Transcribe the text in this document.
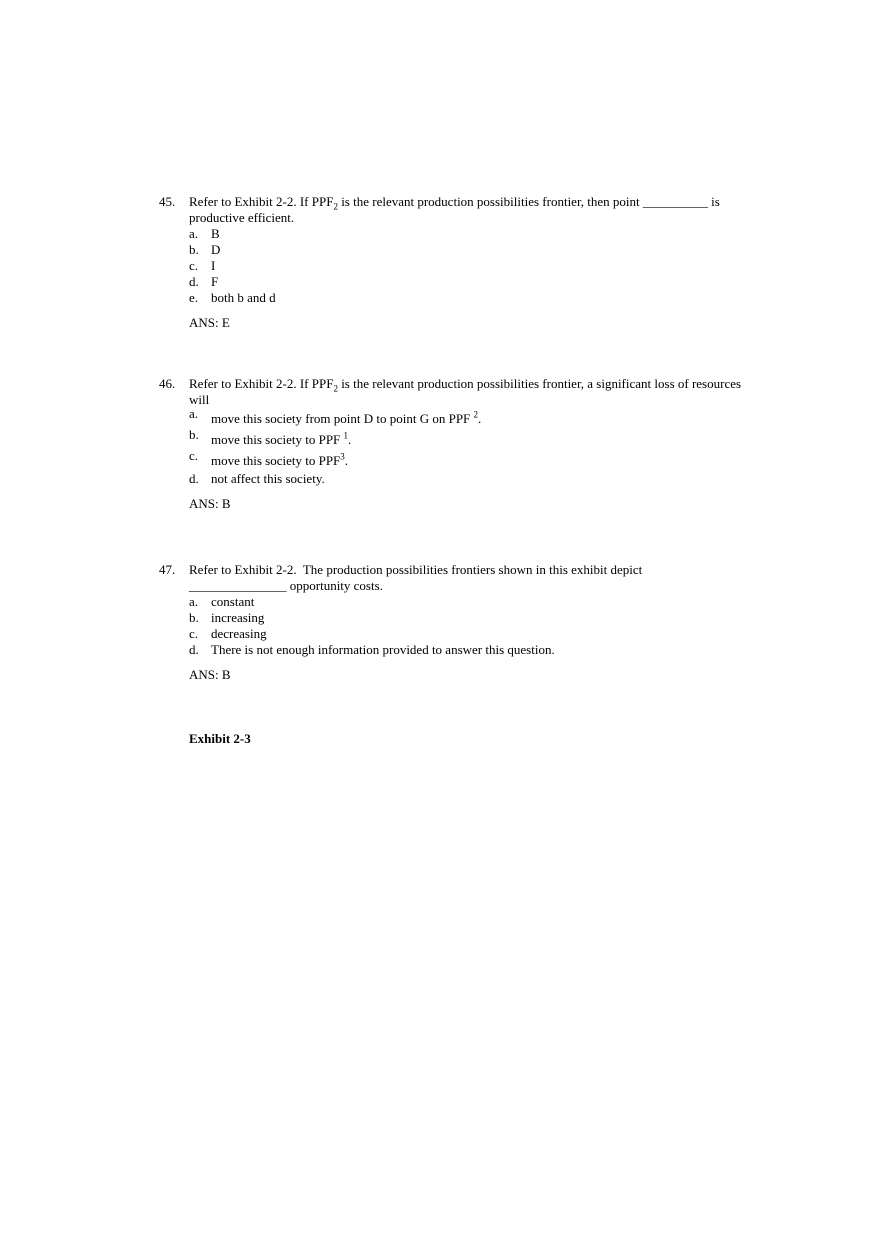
45.	Refer to Exhibit 2-2. If $PPF_2$ is the relevant production possibilities frontier, then point __________ is productive efficient.
a. B
b. D
c. I
d. F
e. both b and d
ANS: E
46.	Refer to Exhibit 2-2. If $PPF_2$ is the relevant production possibilities frontier, a significant loss of resources will
a. move this society from point D to point G on PPF $^2$.
b. move this society to PPF $^1$.
c. move this society to PPF$^3$.
d. not affect this society.
ANS: B
47.	Refer to Exhibit 2-2.  The production possibilities frontiers shown in this exhibit depict _______________ opportunity costs.
a. constant
b. increasing
c. decreasing
d. There is not enough information provided to answer this question.
ANS: B
Exhibit 2-3
